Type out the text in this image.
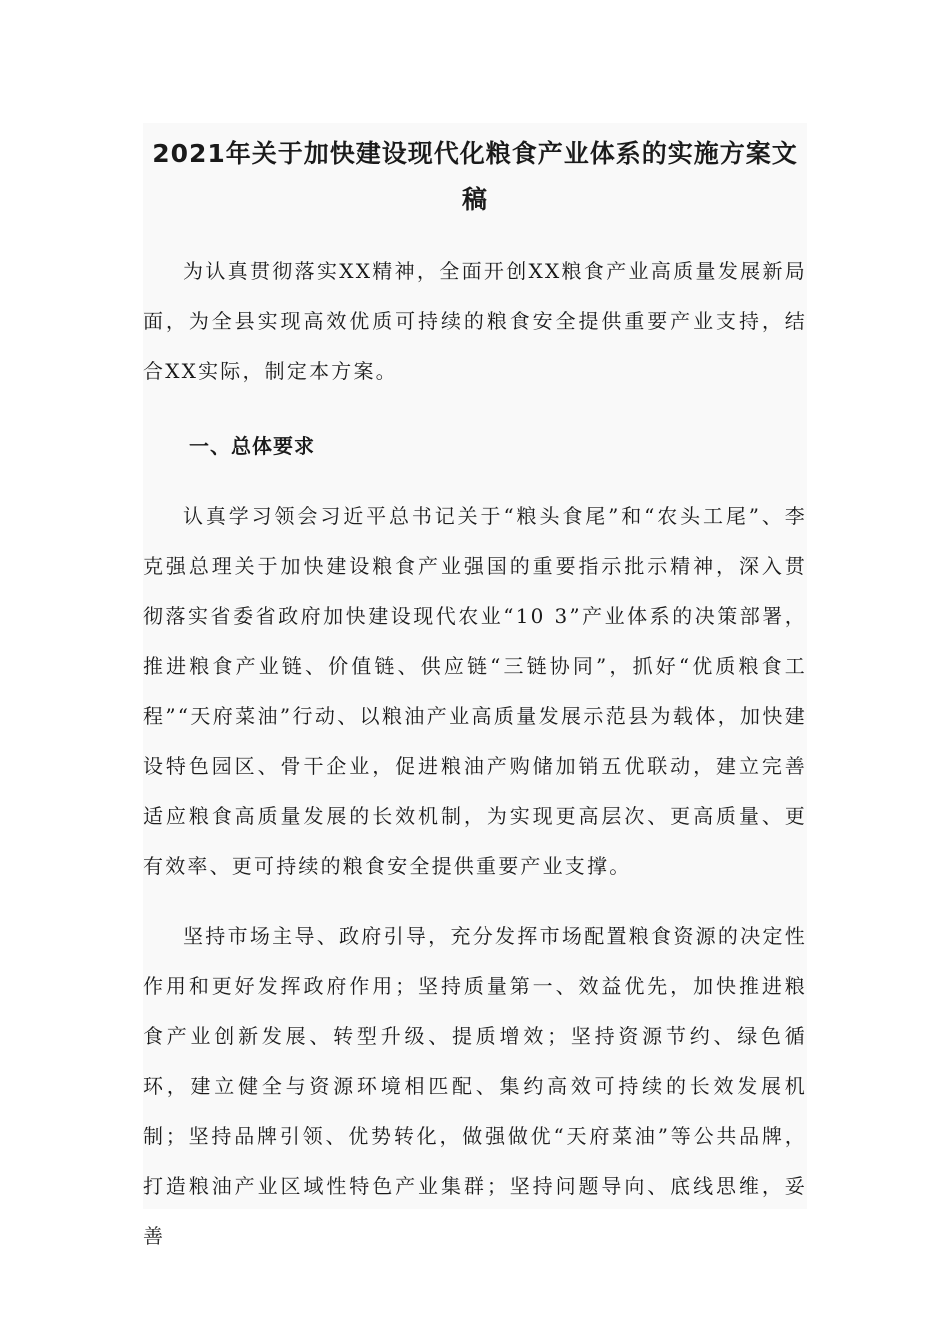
2021年关于加快建设现代化粮食产业体系的实施方案文稿

为认真贯彻落实XX精神，全面开创XX粮食产业高质量发展新局面，为全县实现高效优质可持续的粮食安全提供重要产业支持，结合XX实际，制定本方案。

一、总体要求

认真学习领会习近平总书记关于“粮头食尾”和“农头工尾”、李克强总理关于加快建设粮食产业强国的重要指示批示精神，深入贯彻落实省委省政府加快建设现代农业“10 3”产业体系的决策部署，推进粮食产业链、价值链、供应链“三链协同”，抓好“优质粮食工程”“天府菜油”行动、以粮油产业高质量发展示范县为载体，加快建设特色园区、骨干企业，促进粮油产购储加销五优联动，建立完善适应粮食高质量发展的长效机制，为实现更高层次、更高质量、更有效率、更可持续的粮食安全提供重要产业支撑。

坚持市场主导、政府引导，充分发挥市场配置粮食资源的决定性作用和更好发挥政府作用；坚持质量第一、效益优先，加快推进粮食产业创新发展、转型升级、提质增效；坚持资源节约、绿色循环，建立健全与资源环境相匹配、集约高效可持续的长效发展机制；坚持品牌引领、优势转化，做强做优“天府菜油”等公共品牌，打造粮油产业区域性特色产业集群；坚持问题导向、底线思维，妥善
